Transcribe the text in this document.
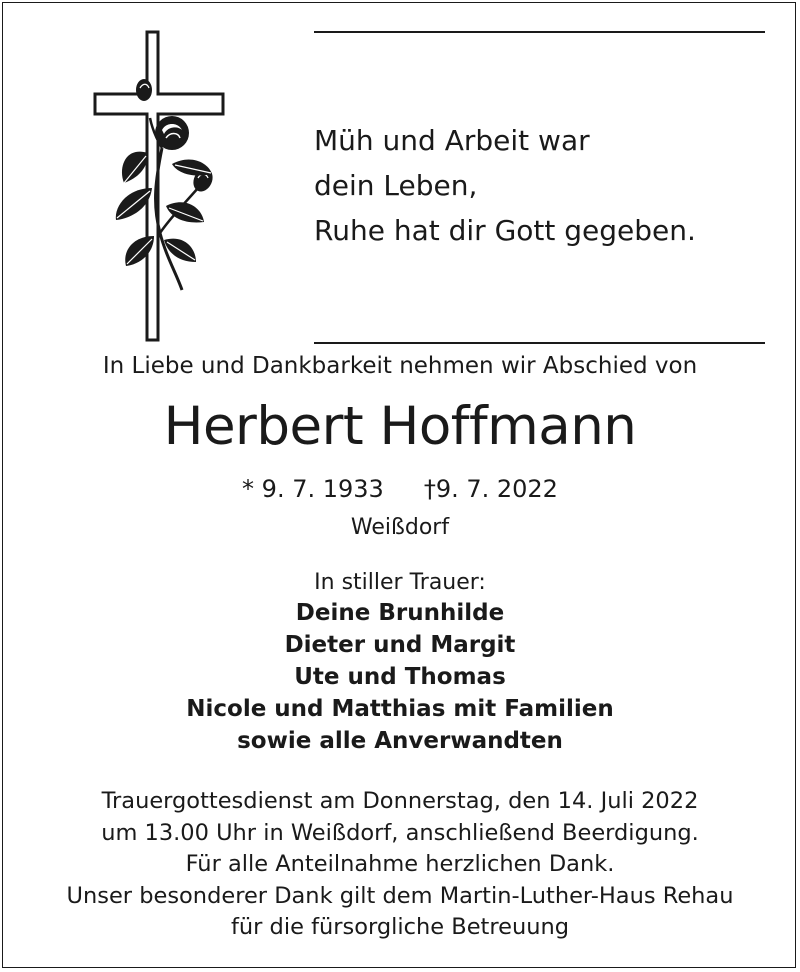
Müh und Arbeit war
dein Leben,
Ruhe hat dir Gott gegeben.
In Liebe und Dankbarkeit nehmen wir Abschied von
Herbert Hoffmann
* 9. 7. 1933 †9. 7. 2022
Weißdorf
In stiller Trauer:
Deine Brunhilde
Dieter und Margit
Ute und Thomas
Nicole und Matthias mit Familien
sowie alle Anverwandten
Trauergottesdienst am Donnerstag, den 14. Juli 2022
um 13.00 Uhr in Weißdorf, anschließend Beerdigung.
Für alle Anteilnahme herzlichen Dank.
Unser besonderer Dank gilt dem Martin-Luther-Haus Rehau
für die fürsorgliche Betreuung
